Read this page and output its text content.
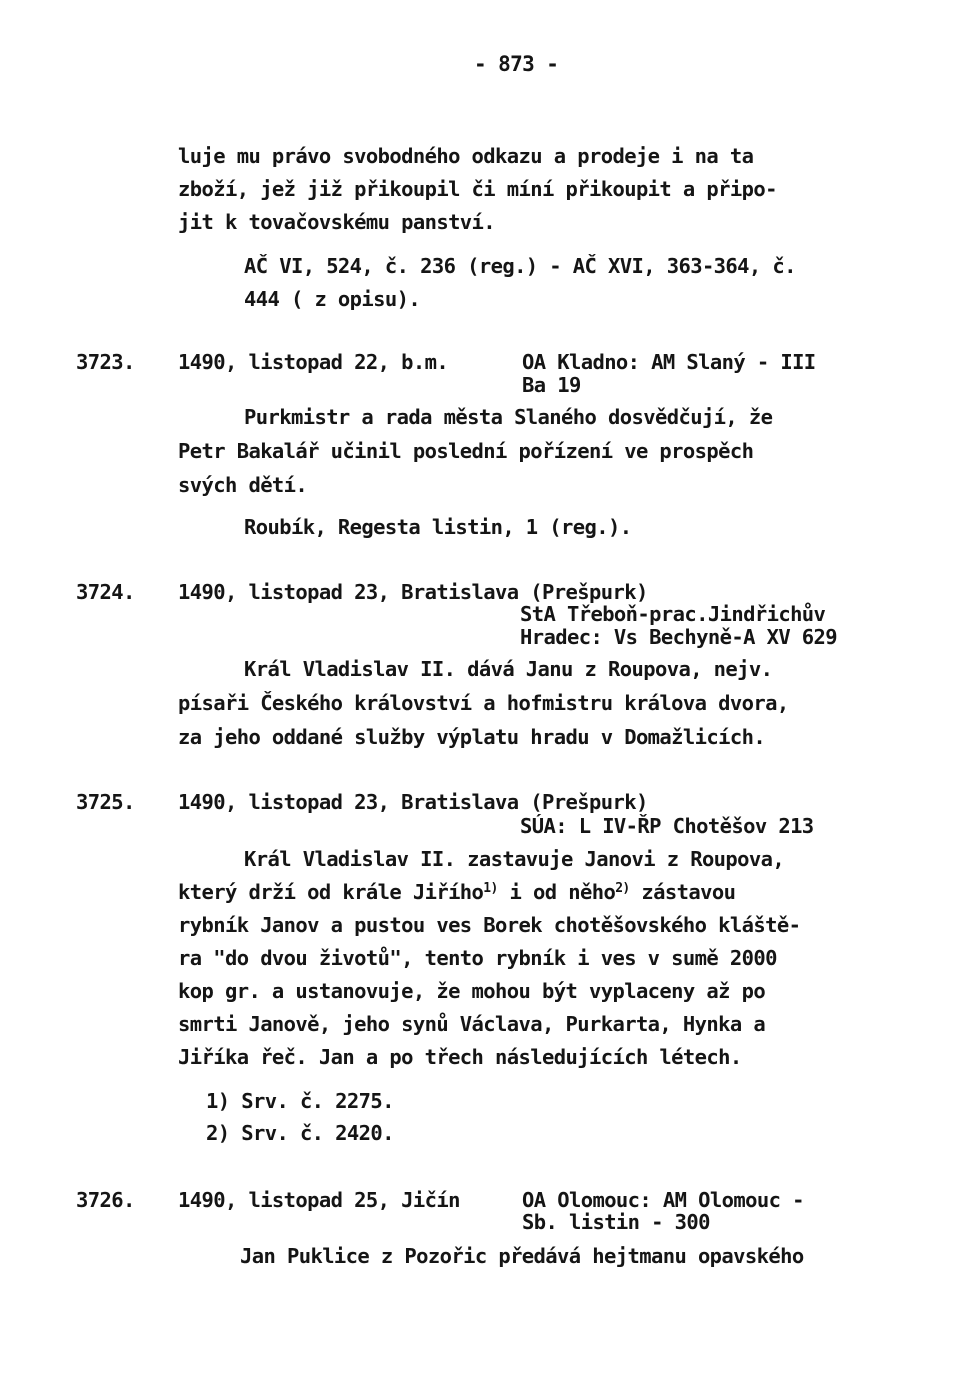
- 873 -
luje mu právo svobodného odkazu a prodeje i na ta
zboží, jež již přikoupil či míní přikoupit a připo-
jit k tovačovskému panství.
AČ VI, 524, č. 236 (reg.) - AČ XVI, 363-364, č.
444 ( z opisu).
3723. 1490, listopad 22, b.m.	OA Kladno: AM Slaný - III
Ba 19
Purkmistr a rada města Slaného dosvědčují, že
Petr Bakalář učinil poslední pořízení ve prospěch
svých dětí.
Roubík, Regesta listin, 1 (reg.).
3724. 1490, listopad 23, Bratislava (Prešpurk)
StA Třeboň-prac.Jindřichův
Hradec: Vs Bechyně-A XV 629
Král Vladislav II. dává Janu z Roupova, nejv.
písaři Českého království a hofmistru králova dvora,
za jeho oddané služby výplatu hradu v Domažlicích.
3725. 1490, listopad 23, Bratislava (Prešpurk)
SÚA: L IV-ŘP Chotěšov 213
Král Vladislav II. zastavuje Janovi z Roupova,
který drží od krále Jiřího$^{1)}$ i od něho$^{2)}$ zástavou
rybník Janov a pustou ves Borek chotěšovského kláště-
ra "do dvou životů", tento rybník i ves v sumě 2000
kop gr. a ustanovuje, že mohou být vyplaceny až po
smrti Janově, jeho synů Václava, Purkarta, Hynka a
Jiříka řeč. Jan a po třech následujících létech.
1) Srv. č. 2275.
2) Srv. č. 2420.
3726. 1490, listopad 25, Jičín	OA Olomouc: AM Olomouc -
Sb. listin - 300
Jan Puklice z Pozořic předává hejtmanu opavského
